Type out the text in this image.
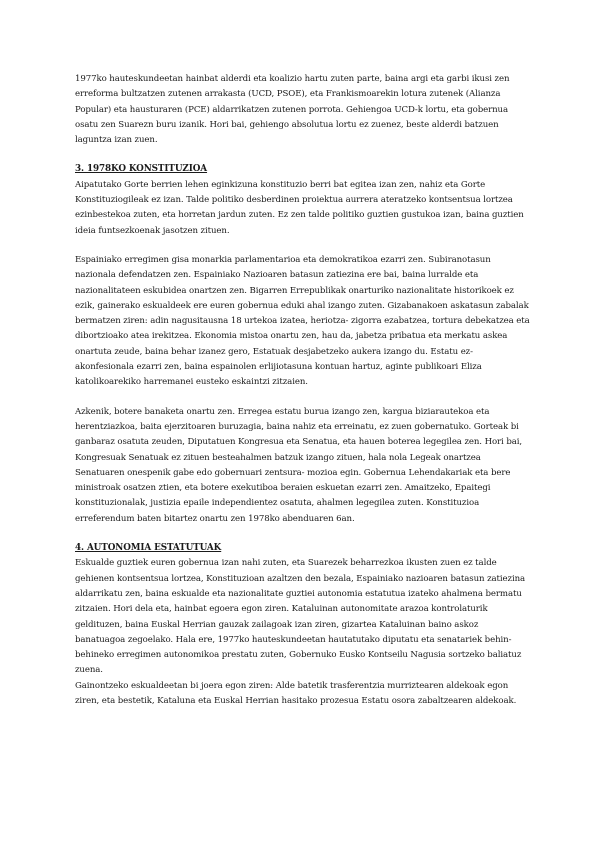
1977ko hauteskundeetan hainbat alderdi eta koalizio hartu zuten parte, baina argi eta garbi ikusi zen erreforma bultzatzen zutenen arrakasta (UCD, PSOE), eta Frankismoarekin lotura zutenek (Alianza Popular) eta hausturaren (PCE) aldarrikatzen zutenen porrota. Gehiengoa UCD-k lortu, eta gobernua osatu zen Suarezn buru izanik. Hori bai, gehiengo absolutua lortu ez zuenez, beste alderdi batzuen laguntza izan zuen.

3. 1978KO KONSTITUZIOA

Aipatutako Gorte berrien lehen eginkizuna konstituzio berri bat egitea izan zen, nahiz eta Gorte Konstituziogileak ez izan. Talde politiko desberdinen proiektua aurrera ateratzeko kontsentsua lortzea ezinbestekoa zuten, eta horretan jardun zuten. Ez zen talde politiko guztien gustukoa izan, baina guztien ideia funtsezkoenak jasotzen zituen.

Espainiako erregimen gisa monarkia parlamentarioa eta demokratikoa ezarri zen. Subiranotasun nazionala defendatzen zen. Espainiako Nazioaren batasun zatiezina ere bai, baina lurralde eta nazionalitateen eskubidea onartzen zen. Bigarren Errepublikak onarturiko nazionalitate historikoek ez ezik, gainerako eskualdeek ere euren gobernua eduki ahal izango zuten. Gizabanakoen askatasun zabalak bermatzen ziren: adin nagusitausna 18 urtekoa izatea, heriotza- zigorra ezabatzea, tortura debekatzea eta dibortzioako atea irekitzea. Ekonomia mistoa onartu zen, hau da, jabetza pribatua eta merkatu askea onartuta zeude, baina behar izanez gero, Estatuak desjabetzeko aukera izango du. Estatu ez- akonfesionala ezarri zen, baina espainolen erlijiotasuna kontuan hartuz, aginte publikoari Eliza katolikoarekiko harremanei eusteko eskaintzi zitzaien.

Azkenik, botere banaketa onartu zen. Erregea estatu burua izango zen, kargua biziarautekoa eta herentziazkoa, baita ejerzitoaren buruzagia, baina nahiz eta erreinatu, ez zuen gobernatuko. Gorteak bi ganbaraz osatuta zeuden, Diputatuen Kongresua eta Senatua, eta hauen boterea legegilea zen. Hori bai, Kongresuak Senatuak ez zituen besteahalmen batzuk izango zituen, hala nola Legeak onartzea Senatuaren onespenik gabe edo gobernuari zentsura- mozioa egin. Gobernua Lehendakariak eta bere ministroak osatzen ztien, eta botere exekutiboa beraien eskuetan ezarri zen. Amaitzeko, Epaitegi konstituzionalak, justizia epaile independientez osatuta, ahalmen legegilea zuten. Konstituzioa erreferendum baten bitartez onartu zen 1978ko abenduaren 6an.

4. AUTONOMIA ESTATUTUAK

Eskualde guztiek euren gobernua izan nahi zuten, eta Suarezek beharrezkoa ikusten zuen ez talde gehienen kontsentsua lortzea, Konstituzioan azaltzen den bezala, Espainiako nazioaren batasun zatiezina aldarrikatu zen, baina eskualde eta nazionalitate guztiei autonomia estatutua izateko ahalmena bermatu zitzaien. Hori dela eta, hainbat egoera egon ziren. Kataluinan autonomitate arazoa kontrolaturik geldituzen, baina Euskal Herrian gauzak zailagoak izan ziren, gizartea Kataluinan baino askoz banatuagoa zegoelako. Hala ere, 1977ko hauteskundeetan hautatutako diputatu eta senatariek behin-behineko erregimen autonomikoa prestatu zuten, Gobernuko Eusko Kontseilu Nagusia sortzeko baliatuz zuena.

Gainontzeko eskualdeetan bi joera egon ziren: Alde batetik trasferentzia murriztearen aldekoak egon ziren, eta bestetik, Kataluna eta Euskal Herrian hasitako prozesua Estatu osora zabaltzearen aldekoak.
